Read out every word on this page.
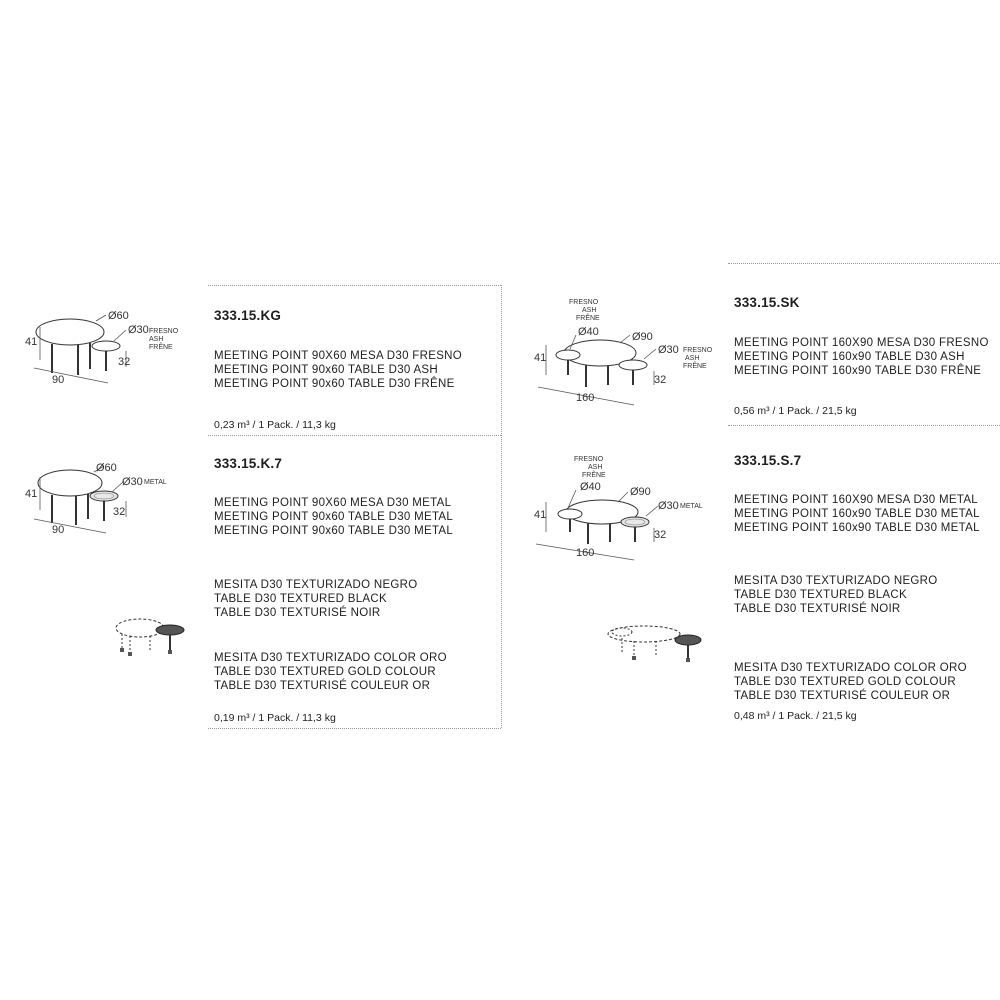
333.15.KG
MEETING POINT 90X60 MESA D30 FRESNO
MEETING POINT 90x60 TABLE D30 ASH
MEETING POINT 90x60 TABLE D30 FRÊNE
0,23 m³ / 1 Pack. / 11,3 kg
41
90
Ø60
Ø30
32
FRESNO
ASH
FRÊNE
333.15.K.7
MEETING POINT 90X60 MESA D30 METAL
MEETING POINT 90x60 TABLE D30 METAL
MEETING POINT 90x60 TABLE D30 METAL
MESITA D30 TEXTURIZADO NEGRO
TABLE D30 TEXTURED BLACK
TABLE D30 TEXTURISÉ NOIR
MESITA D30 TEXTURIZADO COLOR ORO
TABLE D30 TEXTURED GOLD COLOUR
TABLE D30 TEXTURISÉ COULEUR OR
0,19 m³ / 1 Pack. / 11,3 kg
41
90
Ø60
Ø30
32
METAL
333.15.SK
MEETING POINT 160X90 MESA D30 FRESNO
MEETING POINT 160x90 TABLE D30 ASH
MEETING POINT 160x90 TABLE D30 FRÊNE
0,56 m³ / 1 Pack. / 21,5 kg
FRESNO
ASH
FRÊNE
Ø40	Ø90
Ø30
41
32
160
FRESNO
ASH
FRÊNE
333.15.S.7
MEETING POINT 160X90 MESA D30 METAL
MEETING POINT 160x90 TABLE D30 METAL
MEETING POINT 160x90 TABLE D30 METAL
MESITA D30 TEXTURIZADO NEGRO
TABLE D30 TEXTURED BLACK
TABLE D30 TEXTURISÉ NOIR
MESITA D30 TEXTURIZADO COLOR ORO
TABLE D30 TEXTURED GOLD COLOUR
TABLE D30 TEXTURISÉ COULEUR OR
0,48 m³ / 1 Pack. / 21,5 kg
FRESNO
ASH
FRÊNE
Ø40	Ø90
Ø30 METAL
41
32
160
